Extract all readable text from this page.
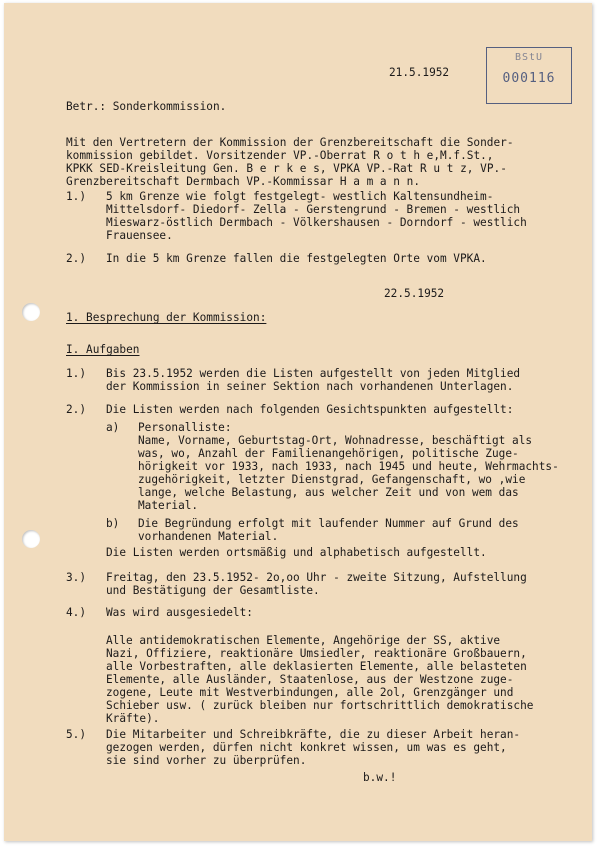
BStU
000116
21.5.1952
Betr.: Sonderkommission.
Mit den Vertretern der Kommission der Grenzbereitschaft die Sonder-
kommission gebildet. Vorsitzender VP.-Oberrat R o t h e,M.f.St.,
KPKK SED-Kreisleitung Gen. B e r k e s, VPKA VP.-Rat R u t z, VP.-
Grenzbereitschaft Dermbach VP.-Kommissar H a m a n n.
1.) 5 km Grenze wie folgt festgelegt- westlich Kaltensundheim-
Mittelsdorf- Diedorf- Zella - Gerstengrund - Bremen - westlich
Mieswarz-östlich Dermbach - Völkershausen - Dorndorf - westlich
Frauensee.
2.) In die 5 km Grenze fallen die festgelegten Orte vom VPKA.
22.5.1952
1. Besprechung der Kommission:
I. Aufgaben
1.) Bis 23.5.1952 werden die Listen aufgestellt von jeden Mitglied
der Kommission in seiner Sektion nach vorhandenen Unterlagen.
2.) Die Listen werden nach folgenden Gesichtspunkten aufgestellt:
a) Personalliste:
Name, Vorname, Geburtstag-Ort, Wohnadresse, beschäftigt als
was, wo, Anzahl der Familienangehörigen, politische Zuge-
hörigkeit vor 1933, nach 1933, nach 1945 und heute, Wehrmachts-
zugehörigkeit, letzter Dienstgrad, Gefangenschaft, wo ,wie
lange, welche Belastung, aus welcher Zeit und von wem das
Material.
b) Die Begründung erfolgt mit laufender Nummer auf Grund des
vorhandenen Material.
Die Listen werden ortsmäßig und alphabetisch aufgestellt.
3.) Freitag, den 23.5.1952- 2o,oo Uhr - zweite Sitzung, Aufstellung
und Bestätigung der Gesamtliste.
4.) Was wird ausgesiedelt:
Alle antidemokratischen Elemente, Angehörige der SS, aktive
Nazi, Offiziere, reaktionäre Umsiedler, reaktionäre Großbauern,
alle Vorbestraften, alle deklasierten Elemente, alle belasteten
Elemente, alle Ausländer, Staatenlose, aus der Westzone zuge-
zogene, Leute mit Westverbindungen, alle 2ol, Grenzgänger und
Schieber usw. ( zurück bleiben nur fortschrittlich demokratische
Kräfte).
5.) Die Mitarbeiter und Schreibkräfte, die zu dieser Arbeit heran-
gezogen werden, dürfen nicht konkret wissen, um was es geht,
sie sind vorher zu überprüfen.
b.w.!
